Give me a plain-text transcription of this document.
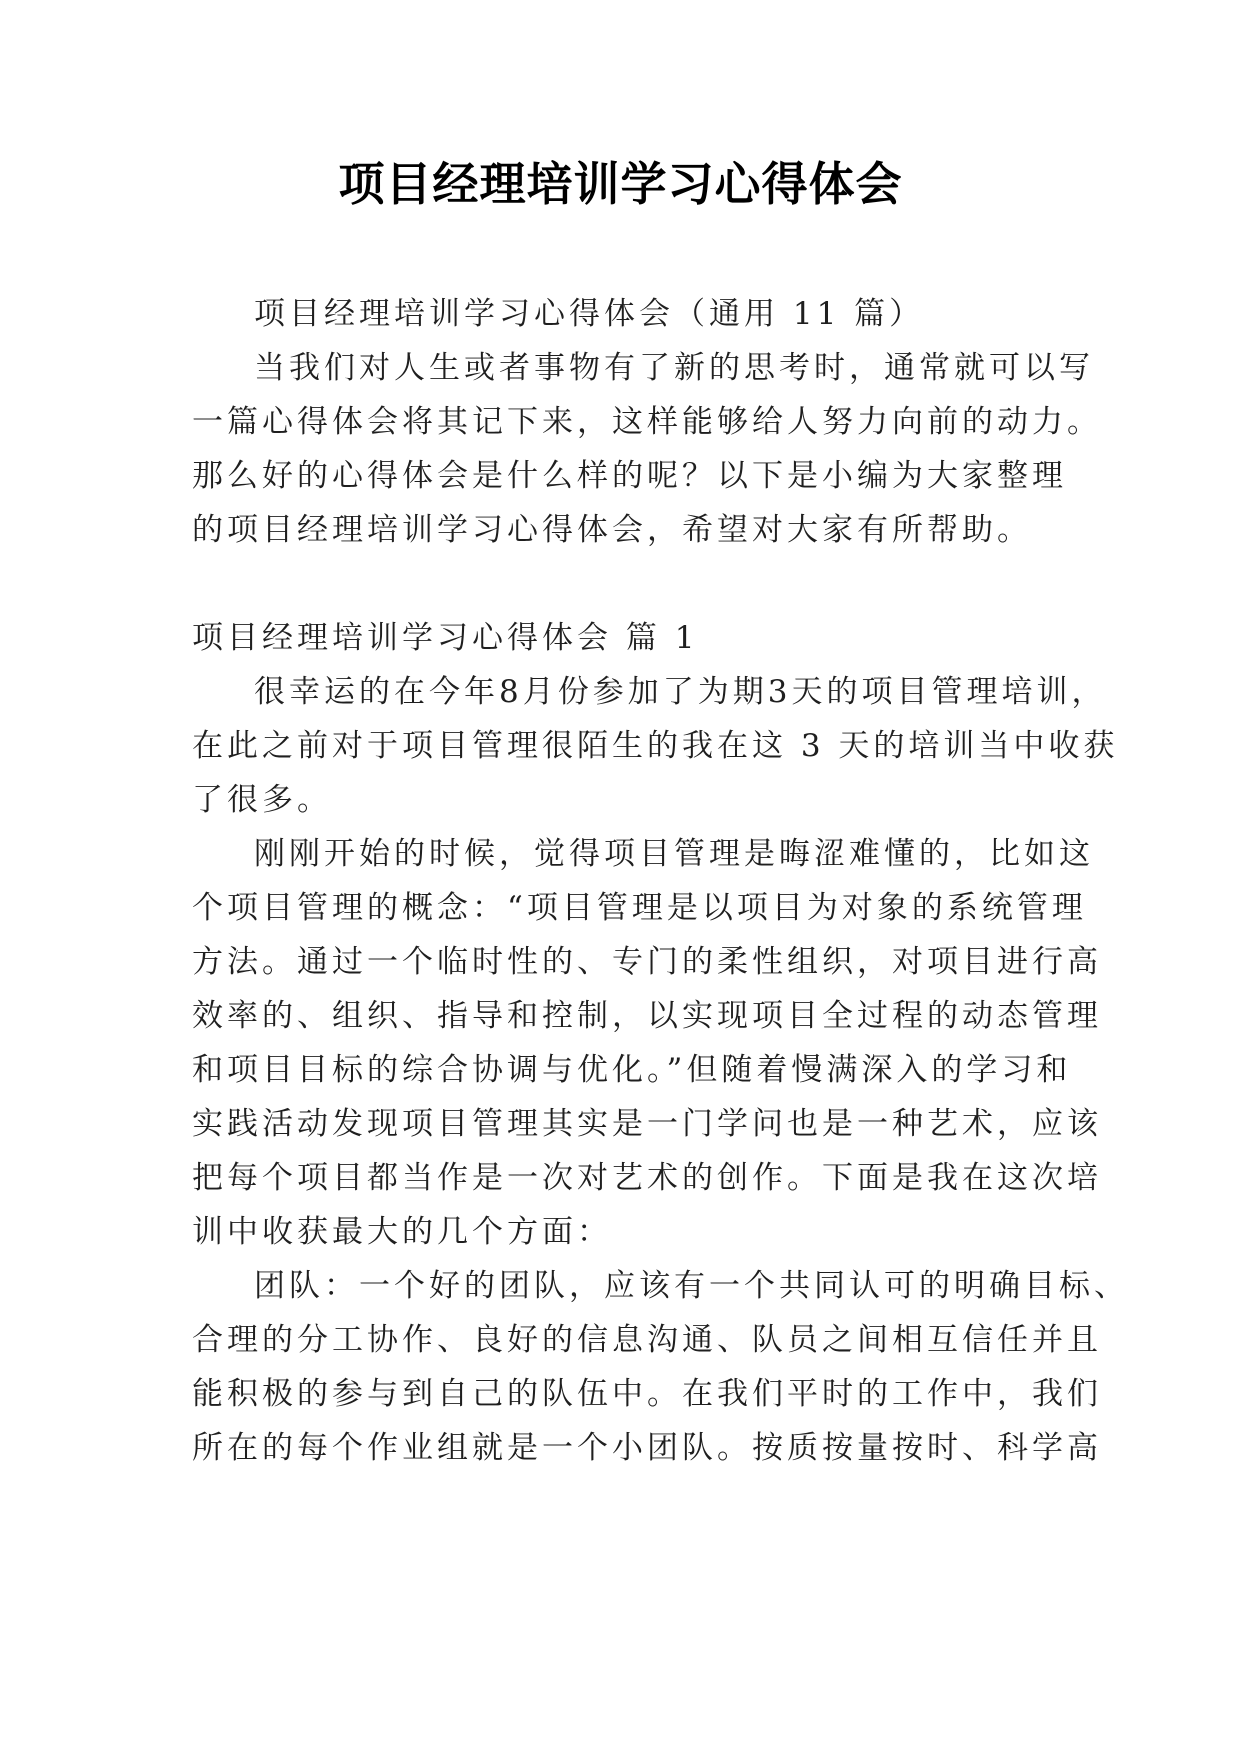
项目经理培训学习心得体会
项目经理培训学习心得体会（通用 11 篇）
当我们对人生或者事物有了新的思考时，通常就可以写
一篇心得体会将其记下来，这样能够给人努力向前的动力。
那么好的心得体会是什么样的呢？以下是小编为大家整理
的项目经理培训学习心得体会，希望对大家有所帮助。
项目经理培训学习心得体会 篇 1
很幸运的在今年8月份参加了为期3天的项目管理培训，
在此之前对于项目管理很陌生的我在这 3 天的培训当中收获
了很多。
刚刚开始的时候，觉得项目管理是晦涩难懂的，比如这
个项目管理的概念：“项目管理是以项目为对象的系统管理
方法。通过一个临时性的、专门的柔性组织，对项目进行高
效率的、组织、指导和控制，以实现项目全过程的动态管理
和项目目标的综合协调与优化。”但随着慢满深入的学习和
实践活动发现项目管理其实是一门学问也是一种艺术，应该
把每个项目都当作是一次对艺术的创作。下面是我在这次培
训中收获最大的几个方面：
团队：一个好的团队，应该有一个共同认可的明确目标、
合理的分工协作、良好的信息沟通、队员之间相互信任并且
能积极的参与到自己的队伍中。在我们平时的工作中，我们
所在的每个作业组就是一个小团队。按质按量按时、科学高
